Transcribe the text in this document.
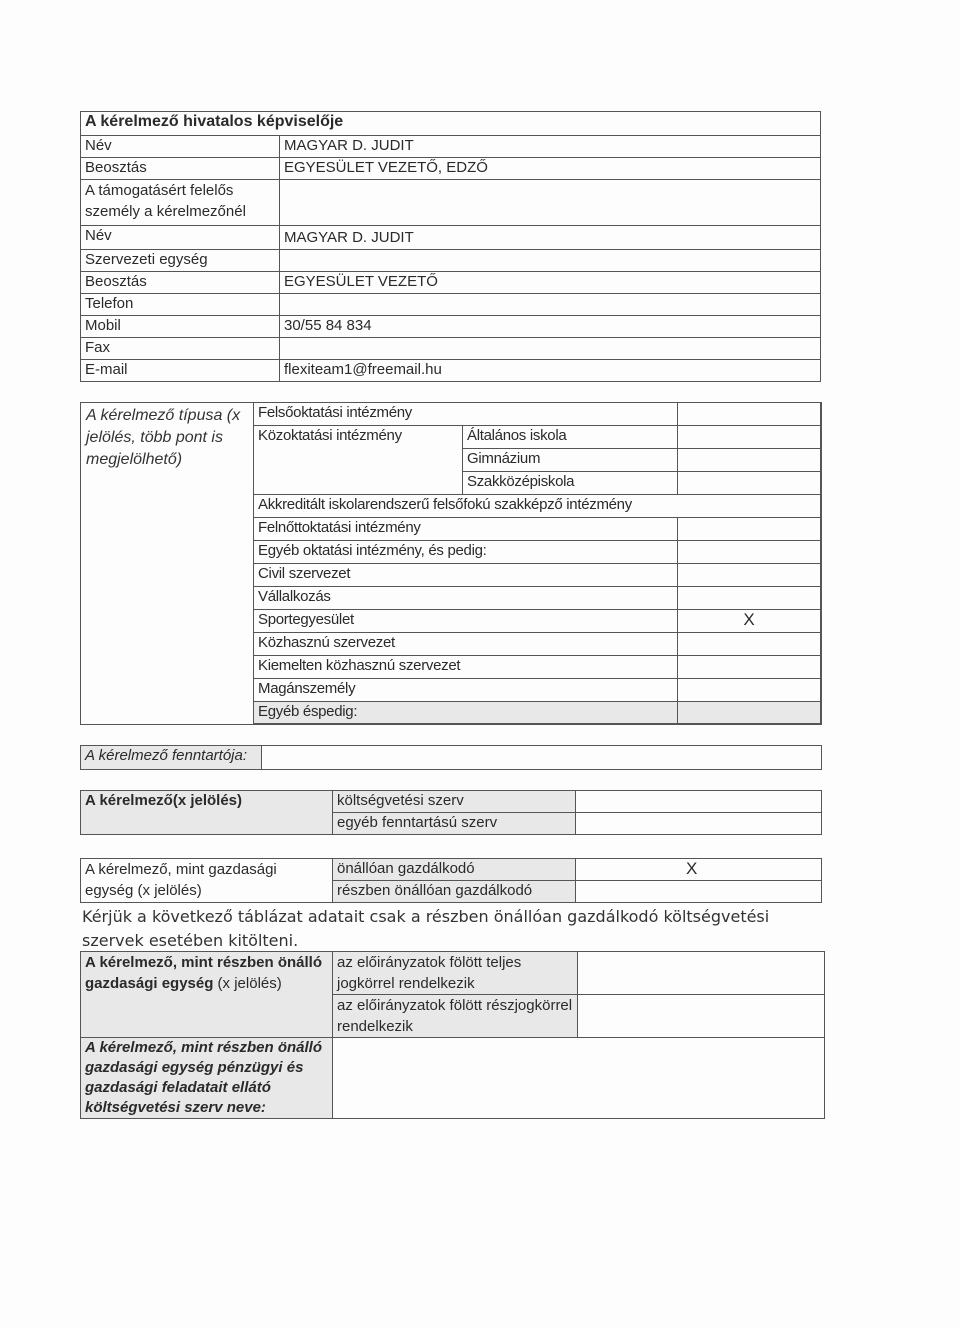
A kérelmező hivatalos képviselője	
Név	MAGYAR D. JUDIT
Beosztás	EGYESÜLET VEZETŐ, EDZŐ
A támogatásért felelős személy a kérelmezőnél	
Név	MAGYAR D. JUDIT
Szervezeti egység	
Beosztás	EGYESÜLET VEZETŐ
Telefon	
Mobil	30/55 84 834
Fax	
E-mail	flexiteam1@freemail.hu
A kérelmező típusa (x jelölés, több pont is megjelölhető)
Felsőoktatási intézmény		
Közoktatási intézmény	Általános iskola	
	Gimnázium	
	Szakközépiskola	
Akkreditált iskolarendszerű felsőfokú szakképző intézmény		
Felnőttoktatási intézmény		
Egyéb oktatási intézmény, és pedig:		
Civil szervezet		
Vállalkozás		
Sportegyesület		X
Közhasznú szervezet		
Kiemelten közhasznú szervezet		
Magánszemély		
Egyéb éspedig:		
A kérelmező fenntartója:	
A kérelmező(x jelölés)	költségvetési szerv	
	egyéb fenntartású szerv	
A kérelmező, mint gazdasági egység (x jelölés)	önállóan gazdálkodó	X
	részben önállóan gazdálkodó	
Kérjük a következő táblázat adatait csak a részben önállóan gazdálkodó költségvetési szervek esetében kitölteni.
A kérelmező, mint részben önálló gazdasági egység (x jelölés)	az előirányzatok fölött teljes jogkörrel rendelkezik	
	az előirányzatok fölött részjogkörrel rendelkezik	
A kérelmező, mint részben önálló gazdasági egység pénzügyi és gazdasági feladatait ellátó költségvetési szerv neve:		
